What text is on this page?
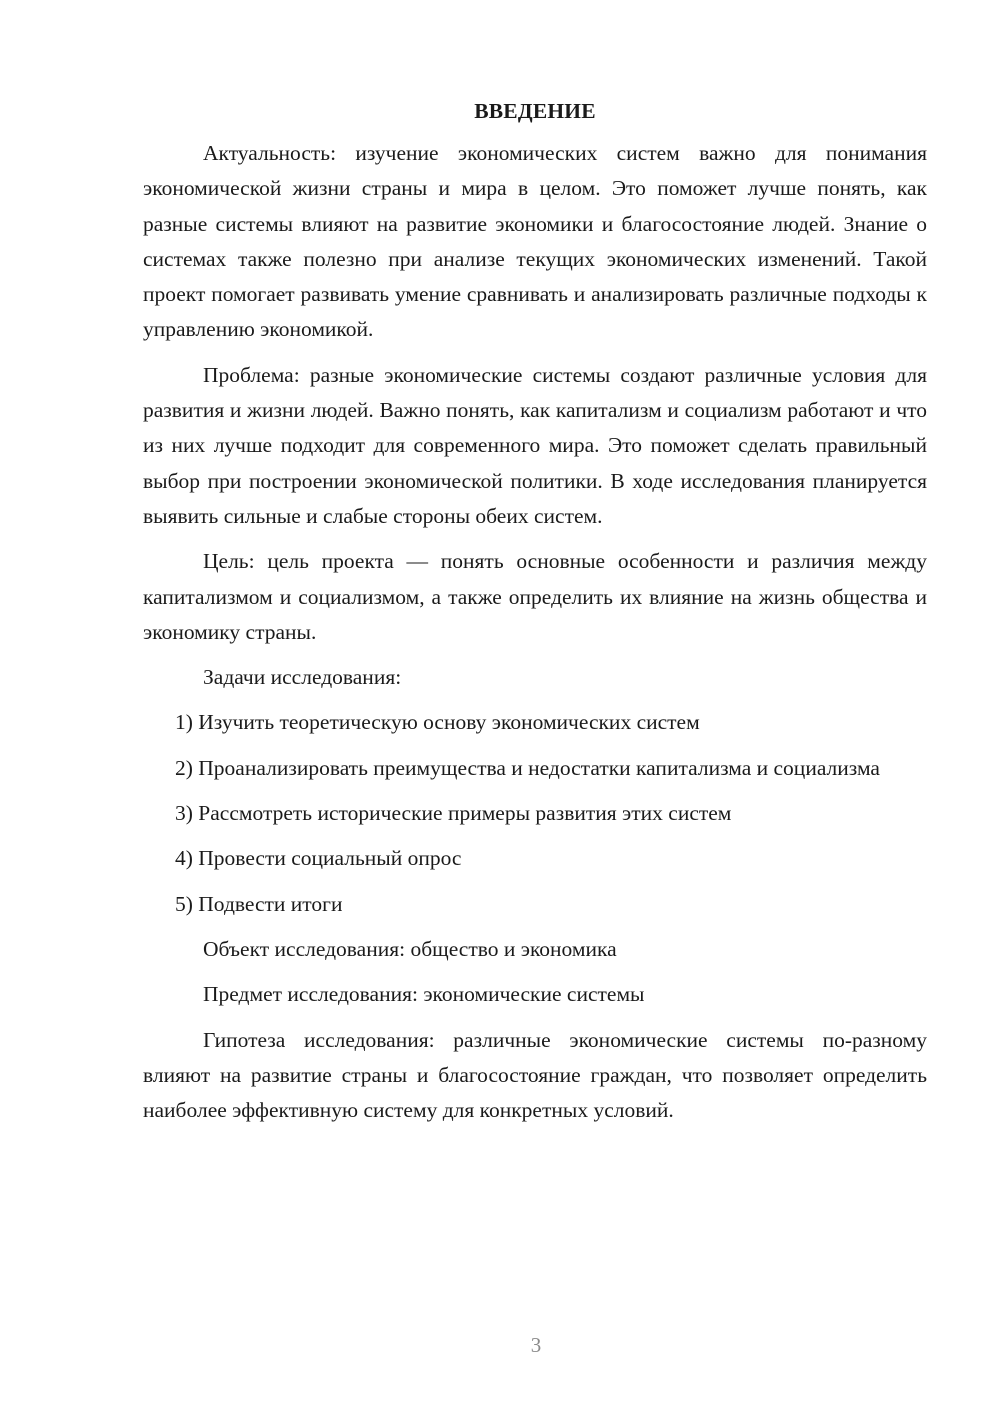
ВВЕДЕНИЕ

Актуальность: изучение экономических систем важно для понимания экономической жизни страны и мира в целом. Это поможет лучше понять, как разные системы влияют на развитие экономики и благосостояние людей. Знание о системах также полезно при анализе текущих экономических изменений. Такой проект помогает развивать умение сравнивать и анализировать различные подходы к управлению экономикой.

Проблема: разные экономические системы создают различные условия для развития и жизни людей. Важно понять, как капитализм и социализм работают и что из них лучше подходит для современного мира. Это поможет сделать правильный выбор при построении экономической политики. В ходе исследования планируется выявить сильные и слабые стороны обеих систем.

Цель: цель проекта — понять основные особенности и различия между капитализмом и социализмом, а также определить их влияние на жизнь общества и экономику страны.

Задачи исследования:

1) Изучить теоретическую основу экономических систем

2) Проанализировать преимущества и недостатки капитализма и социализма

3) Рассмотреть исторические примеры развития этих систем

4) Провести социальный опрос

5) Подвести итоги

Объект исследования: общество и экономика

Предмет исследования: экономические системы

Гипотеза исследования: различные экономические системы по-разному влияют на развитие страны и благосостояние граждан, что позволяет определить наиболее эффективную систему для конкретных условий.

3
